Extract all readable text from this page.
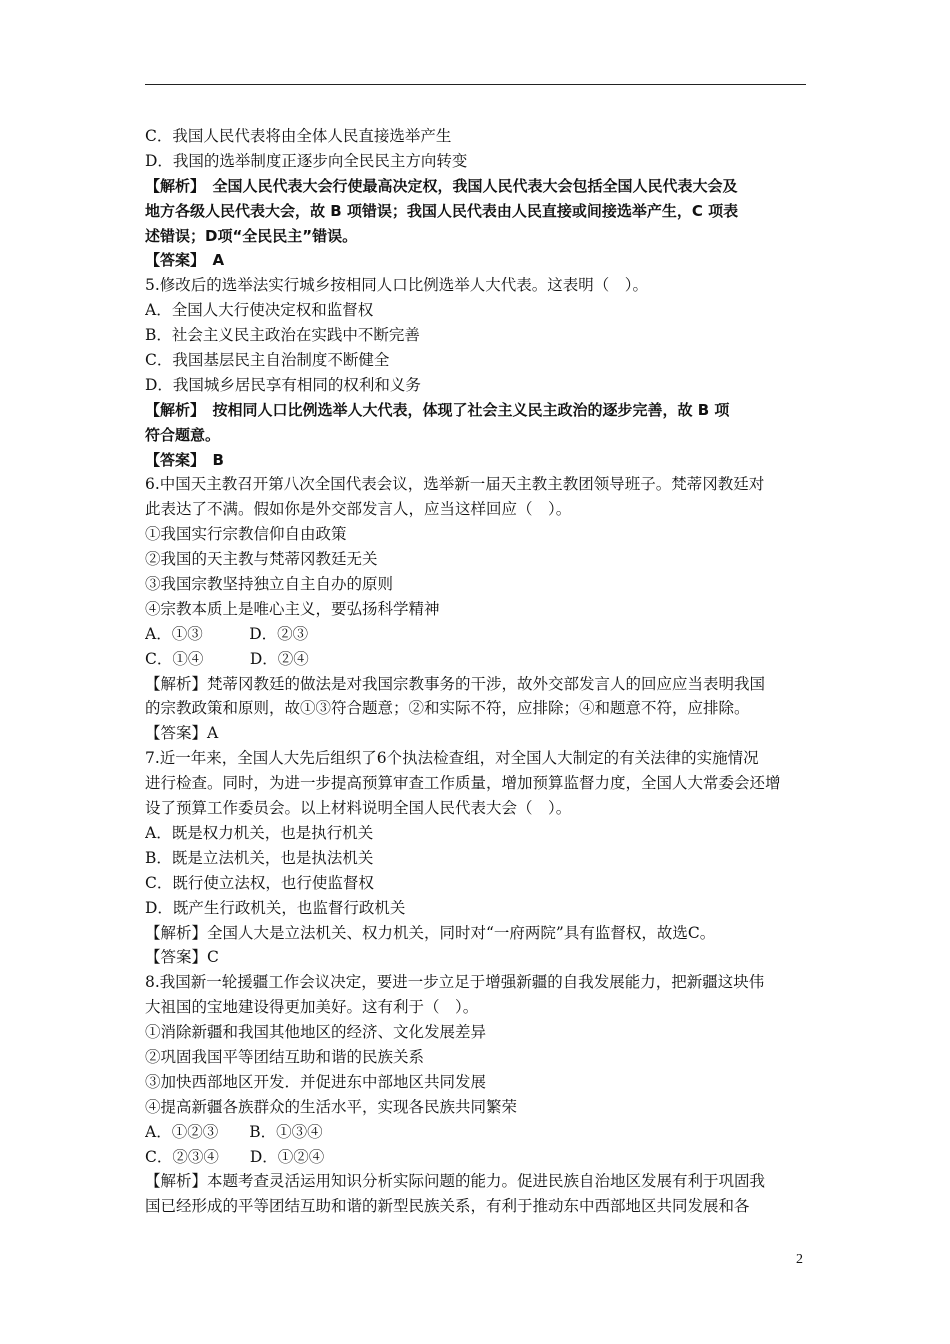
C．我国人民代表将由全体人民直接选举产生
D．我国的选举制度正逐步向全民民主方向转变
【解析】　全国人民代表大会行使最高决定权，我国人民代表大会包括全国人民代表大会及
地方各级人民代表大会，故 B 项错误；我国人民代表由人民直接或间接选举产生，C 项表
述错误；D项“全民民主”错误。
【答案】　A
5.修改后的选举法实行城乡按相同人口比例选举人大代表。这表明（　）。
A．全国人大行使决定权和监督权
B．社会主义民主政治在实践中不断完善
C．我国基层民主自治制度不断健全
D．我国城乡居民享有相同的权利和义务
【解析】　按相同人口比例选举人大代表，体现了社会主义民主政治的逐步完善，故 B 项
符合题意。
【答案】　B
6.中国天主教召开第八次全国代表会议，选举新一届天主教主教团领导班子。梵蒂冈教廷对
此表达了不满。假如你是外交部发言人，应当这样回应（　）。
①我国实行宗教信仰自由政策
②我国的天主教与梵蒂冈教廷无关
③我国宗教坚持独立自主自办的原则
④宗教本质上是唯心主义，要弘扬科学精神
A．①③　　　D．②③
C．①④　　　D．②④
【解析】梵蒂冈教廷的做法是对我国宗教事务的干涉，故外交部发言人的回应应当表明我国
的宗教政策和原则，故①③符合题意；②和实际不符，应排除；④和题意不符，应排除。
【答案】A
7.近一年来，全国人大先后组织了6个执法检查组，对全国人大制定的有关法律的实施情况
进行检查。同时，为进一步提高预算审查工作质量，增加预算监督力度，全国人大常委会还增
设了预算工作委员会。以上材料说明全国人民代表大会（　）。
A．既是权力机关，也是执行机关
B．既是立法机关，也是执法机关
C．既行使立法权，也行使监督权
D．既产生行政机关，也监督行政机关
【解析】全国人大是立法机关、权力机关，同时对“一府两院”具有监督权，故选C。
【答案】C
8.我国新一轮援疆工作会议决定，要进一步立足于增强新疆的自我发展能力，把新疆这块伟
大祖国的宝地建设得更加美好。这有利于（　）。
①消除新疆和我国其他地区的经济、文化发展差异
②巩固我国平等团结互助和谐的民族关系
③加快西部地区开发．并促进东中部地区共同发展
④提高新疆各族群众的生活水平，实现各民族共同繁荣
A．①②③　　B．①③④
C．②③④　　D．①②④
【解析】本题考查灵活运用知识分析实际问题的能力。促进民族自治地区发展有利于巩固我
国已经形成的平等团结互助和谐的新型民族关系，有利于推动东中西部地区共同发展和各
2
